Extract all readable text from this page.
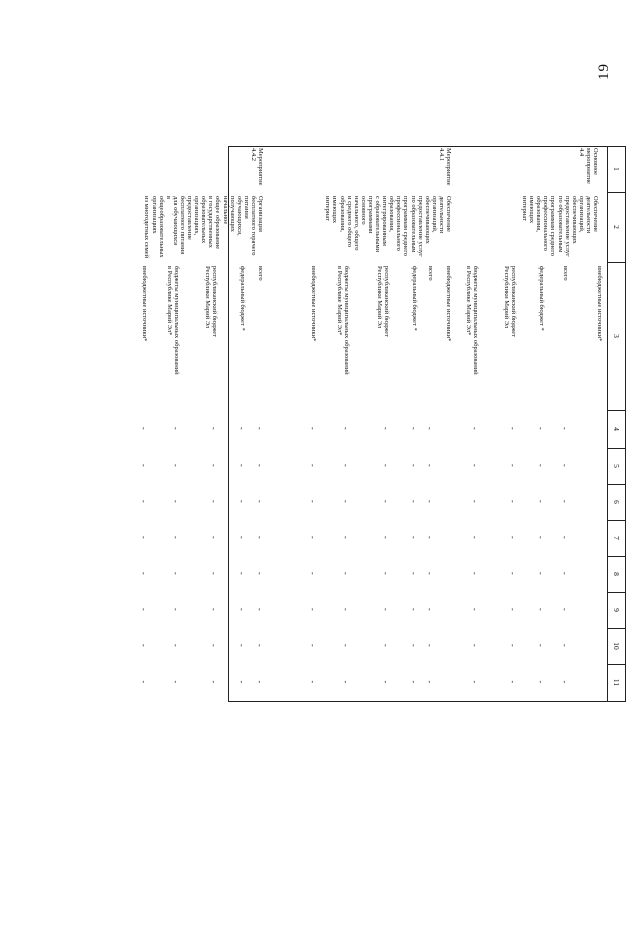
19
1
2
3
4
5
6
7
8
9
10
11
Основное
мероприятие 4.4
Обеспечение
деятельности
организаций,
обеспечивающих
предоставление услуг
по образовательным
программам среднего
профессионального
образования, имеющих
интернат
внебюджетные источники*
всего
-
-
-
-
-
-
-
-
федеральный бюджет *
-
-
-
-
-
-
-
-
республиканский бюджет
Республики Марий Эл
-
-
-
-
-
-
-
-
бюджеты муниципальных образований
в Республике Марий Эл*
-
-
-
-
-
-
-
-
Мероприятие
4.4.1
Обеспечение
деятельности
организаций,
обеспечивающих
предоставление услуг
по образовательным
программам среднего
профессионального
образования,
интегрированным
с образовательными
программами основного
начального, общего
и среднего общего
образования, имеющих
интернат
внебюджетные источники*
всего
-
-
-
-
-
-
-
-
федеральный бюджет *
-
-
-
-
-
-
-
-
республиканский бюджет
Республики Марий Эл
-
-
-
-
-
-
-
-
бюджеты муниципальных образований
в Республике Марий Эл*
-
-
-
-
-
-
-
-
внебюджетные источники*
-
-
-
-
-
-
-
-
Мероприятие
4.4.2
Организация
бесплатного горячего
питания обучающихся,
получающих начальное
общее образование
в государственных
образовательных
организациях,
предоставление
бесплатного питания
для обучающихся
в общеобразовательных
организациях
из многодетных семей
всего
-
-
-
-
-
-
-
-
федеральный бюджет *
-
-
-
-
-
-
-
-
республиканский бюджет
Республики Марий Эл
-
-
-
-
-
-
-
-
бюджеты муниципальных образований
в Республике Марий Эл*
-
-
-
-
-
-
-
-
внебюджетные источники*
-
-
-
-
-
-
-
-
